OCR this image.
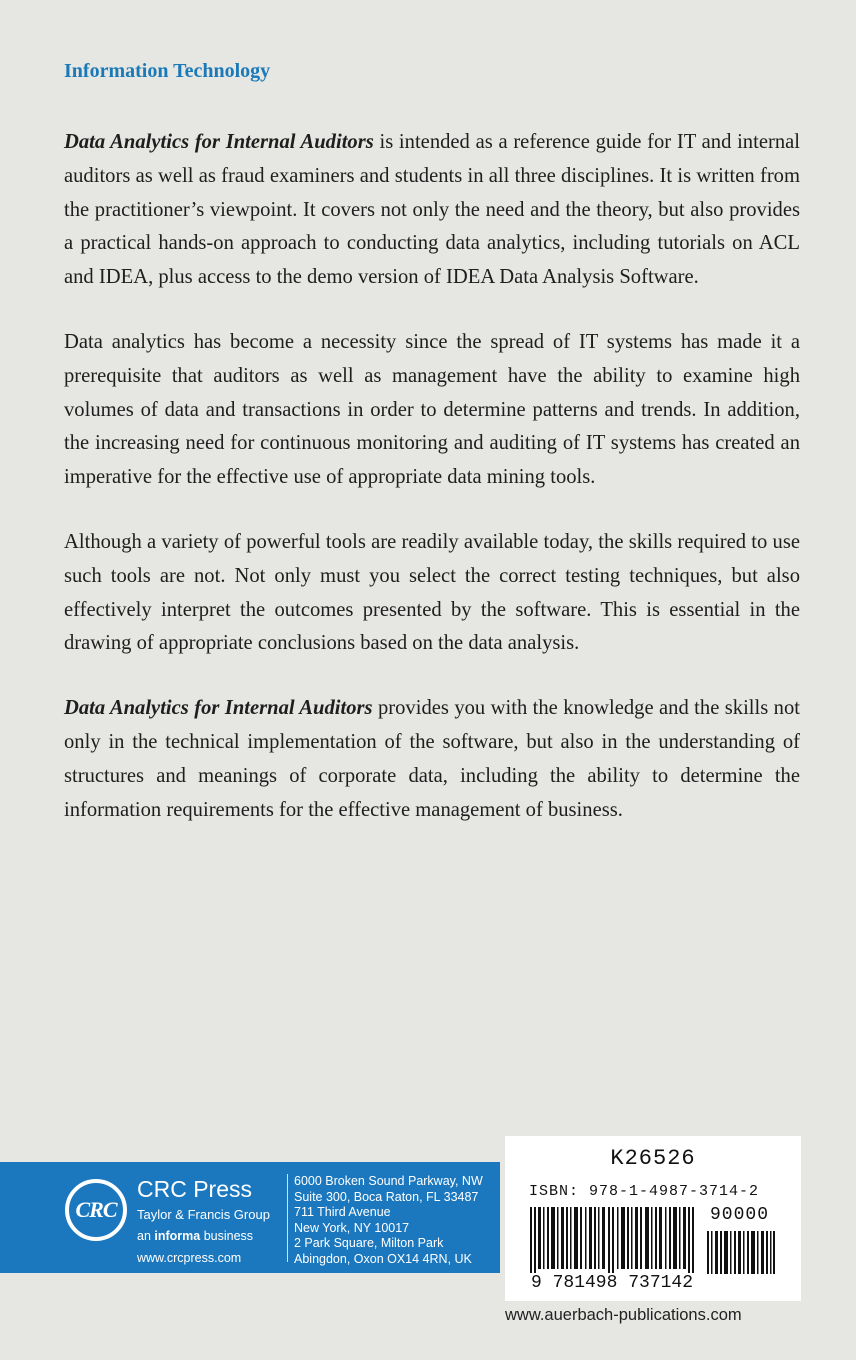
Information Technology

Data Analytics for Internal Auditors is intended as a reference guide for IT and internal auditors as well as fraud examiners and students in all three disciplines. It is written from the practitioner’s viewpoint. It covers not only the need and the theory, but also provides a practical hands-on approach to conducting data analytics, including tutorials on ACL and IDEA, plus access to the demo version of IDEA Data Analysis Software.

Data analytics has become a necessity since the spread of IT systems has made it a prerequisite that auditors as well as management have the ability to examine high volumes of data and transactions in order to determine patterns and trends. In addition, the increasing need for continuous monitoring and auditing of IT systems has created an imperative for the effective use of appropriate data mining tools.

Although a variety of powerful tools are readily available today, the skills required to use such tools are not. Not only must you select the correct testing techniques, but also effectively interpret the outcomes presented by the software. This is essential in the drawing of appropriate conclusions based on the data analysis.

Data Analytics for Internal Auditors provides you with the knowledge and the skills not only in the technical implementation of the software, but also in the understanding of structures and meanings of corporate data, including the ability to determine the information requirements for the effective management of business.

CRC
CRC Press
Taylor & Francis Group
an informa business
www.crcpress.com
6000 Broken Sound Parkway, NW
Suite 300, Boca Raton, FL 33487
711 Third Avenue
New York, NY 10017
2 Park Square, Milton Park
Abingdon, Oxon OX14 4RN, UK
K26526
ISBN: 978-1-4987-3714-2
90000
9 781498 737142
www.auerbach-publications.com
